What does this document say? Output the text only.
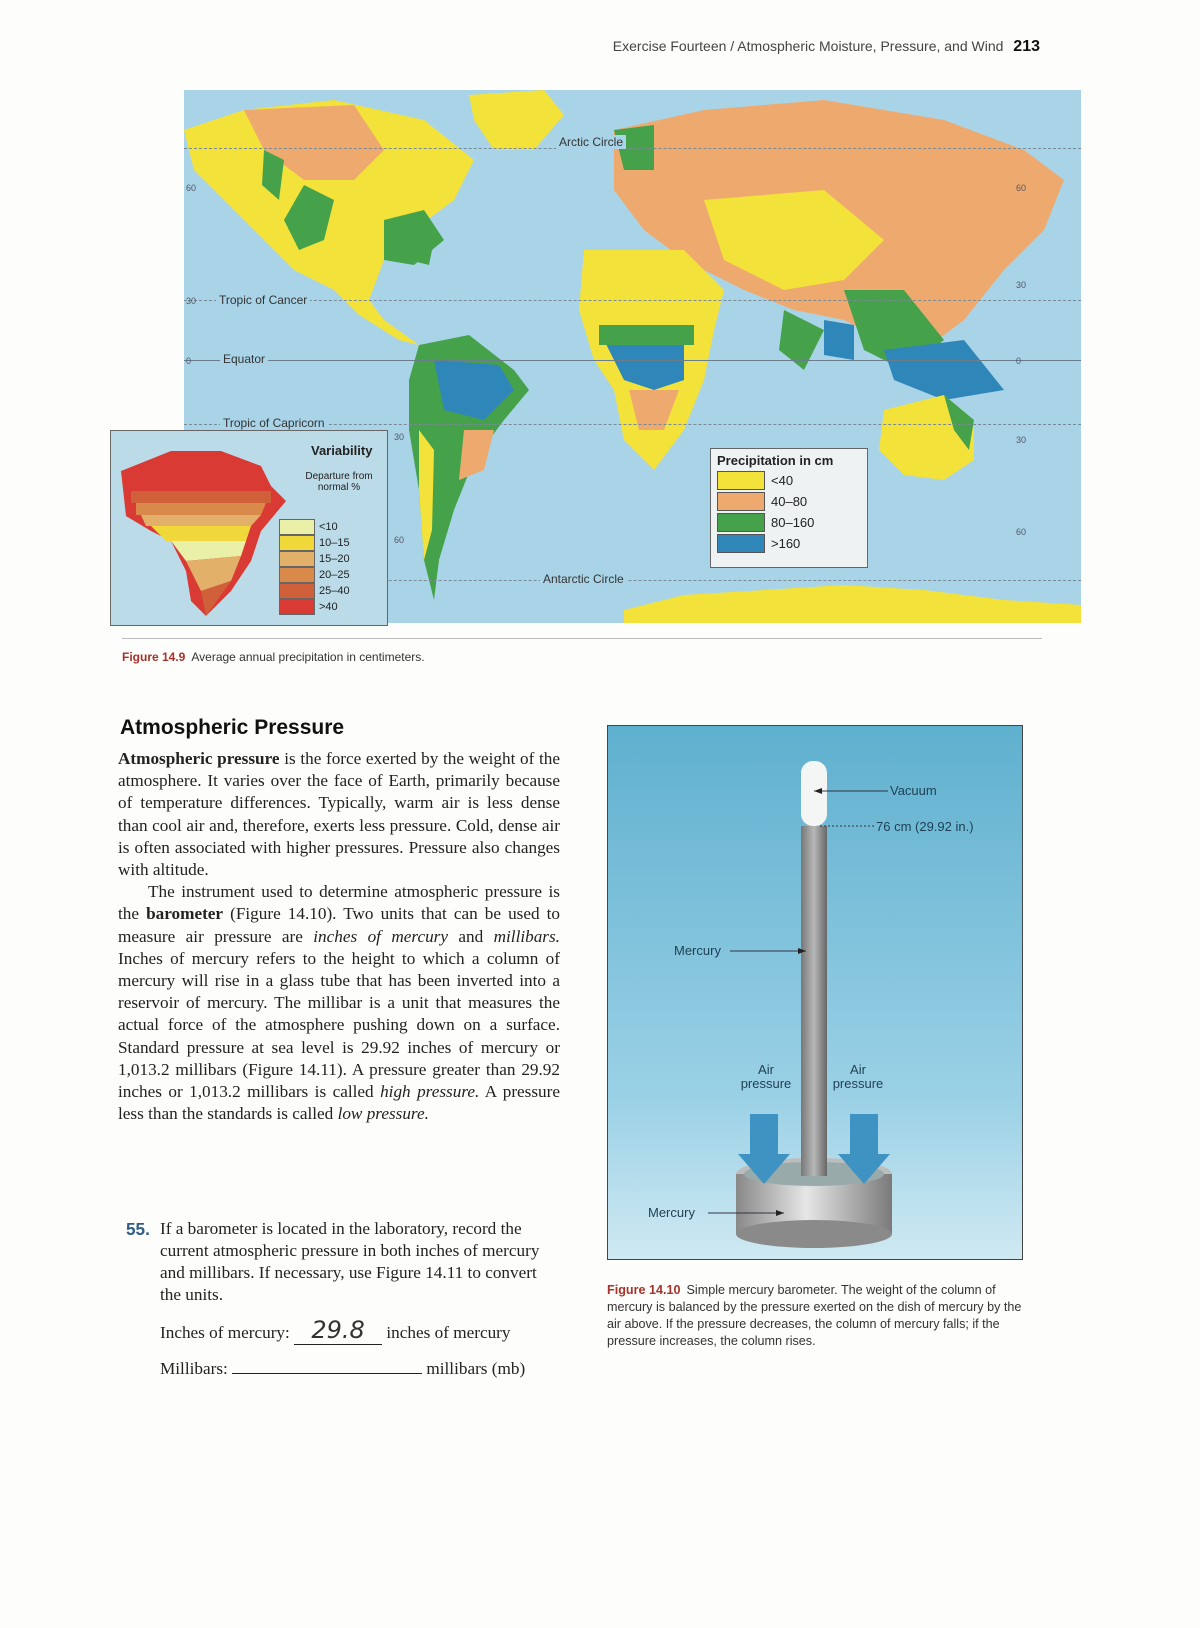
Exercise Fourteen / Atmospheric Moisture, Pressure, and Wind 213
Arctic Circle
Tropic of Cancer
Equator
Tropic of Capricorn
Antarctic Circle
60
30
0
30
60
60
30
0
30
60
Precipitation in cm
<40
40–80
80–160
>160
Variability
Departure from normal %
<10
10–15
15–20
20–25
25–40
>40
Figure 14.9 Average annual precipitation in centimeters.
Atmospheric Pressure

Atmospheric pressure is the force exerted by the weight of the atmosphere. It varies over the face of Earth, primarily because of temperature differences. Typically, warm air is less dense than cool air and, therefore, exerts less pressure. Cold, dense air is often associated with higher pressures. Pressure also changes with altitude.

The instrument used to determine atmospheric pressure is the barometer (Figure 14.10). Two units that can be used to measure air pressure are inches of mercury and millibars. Inches of mercury refers to the height to which a column of mercury will rise in a glass tube that has been inverted into a reservoir of mercury. The millibar is a unit that measures the actual force of the atmosphere pushing down on a surface. Standard pressure at sea level is 29.92 inches of mercury or 1,013.2 millibars (Figure 14.11). A pressure greater than 29.92 inches or 1,013.2 millibars is called high pressure. A pressure less than the standards is called low pressure.

55. If a barometer is located in the laboratory, record the current atmospheric pressure in both inches of mercury and millibars. If necessary, use Figure 14.11 to convert the units.
Inches of mercury: 29.8 inches of mercury
Millibars:	millibars (mb)
Vacuum
76 cm (29.92 in.)
Mercury
Air pressure
Air pressure
Mercury
Figure 14.10 Simple mercury barometer. The weight of the column of mercury is balanced by the pressure exerted on the dish of mercury by the air above. If the pressure decreases, the column of mercury falls; if the pressure increases, the column rises.
